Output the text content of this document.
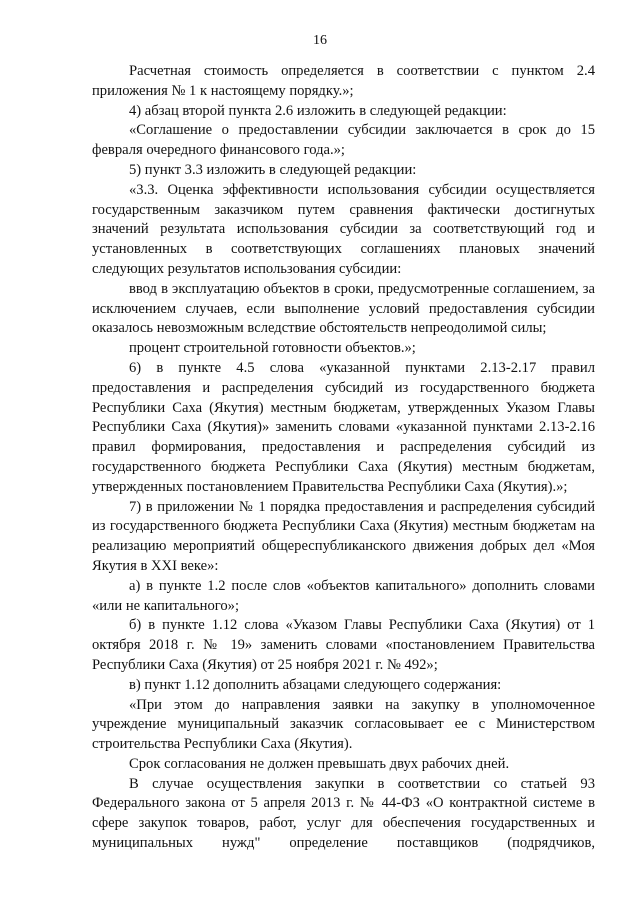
16

Расчетная стоимость определяется в соответствии с пунктом 2.4 приложения № 1 к настоящему порядку.»;

4) абзац второй пункта 2.6 изложить в следующей редакции:

«Соглашение о предоставлении субсидии заключается в срок до 15 февраля очередного финансового года.»;

5) пункт 3.3 изложить в следующей редакции:

«3.3. Оценка эффективности использования субсидии осуществляется государственным заказчиком путем сравнения фактически достигнутых значений результата использования субсидии за соответствующий год и установленных в соответствующих соглашениях плановых значений следующих результатов использования субсидии:

ввод в эксплуатацию объектов в сроки, предусмотренные соглашением, за исключением случаев, если выполнение условий предоставления субсидии оказалось невозможным вследствие обстоятельств непреодолимой силы;

процент строительной готовности объектов.»;

6) в пункте 4.5 слова «указанной пунктами 2.13-2.17 правил предоставления и распределения субсидий из государственного бюджета Республики Саха (Якутия) местным бюджетам, утвержденных Указом Главы Республики Саха (Якутия)» заменить словами «указанной пунктами 2.13-2.16 правил формирования, предоставления и распределения субсидий из государственного бюджета Республики Саха (Якутия) местным бюджетам, утвержденных постановлением Правительства Республики Саха (Якутия).»;

7) в приложении № 1 порядка предоставления и распределения субсидий из государственного бюджета Республики Саха (Якутия) местным бюджетам на реализацию мероприятий общереспубликанского движения добрых дел «Моя Якутия в XXI веке»:

а) в пункте 1.2 после слов «объектов капитального» дополнить словами «или не капитального»;

б) в пункте 1.12 слова «Указом Главы Республики Саха (Якутия) от 1 октября 2018 г. № 19» заменить словами «постановлением Правительства Республики Саха (Якутия) от 25 ноября 2021 г. № 492»;

в) пункт 1.12 дополнить абзацами следующего содержания:

«При этом до направления заявки на закупку в уполномоченное учреждение муниципальный заказчик согласовывает ее с Министерством строительства Республики Саха (Якутия).

Срок согласования не должен превышать двух рабочих дней.

В случае осуществления закупки в соответствии со статьей 93 Федерального закона от 5 апреля 2013 г. № 44-ФЗ «О контрактной системе в сфере закупок товаров, работ, услуг для обеспечения государственных и муниципальных нужд" определение поставщиков (подрядчиков,
